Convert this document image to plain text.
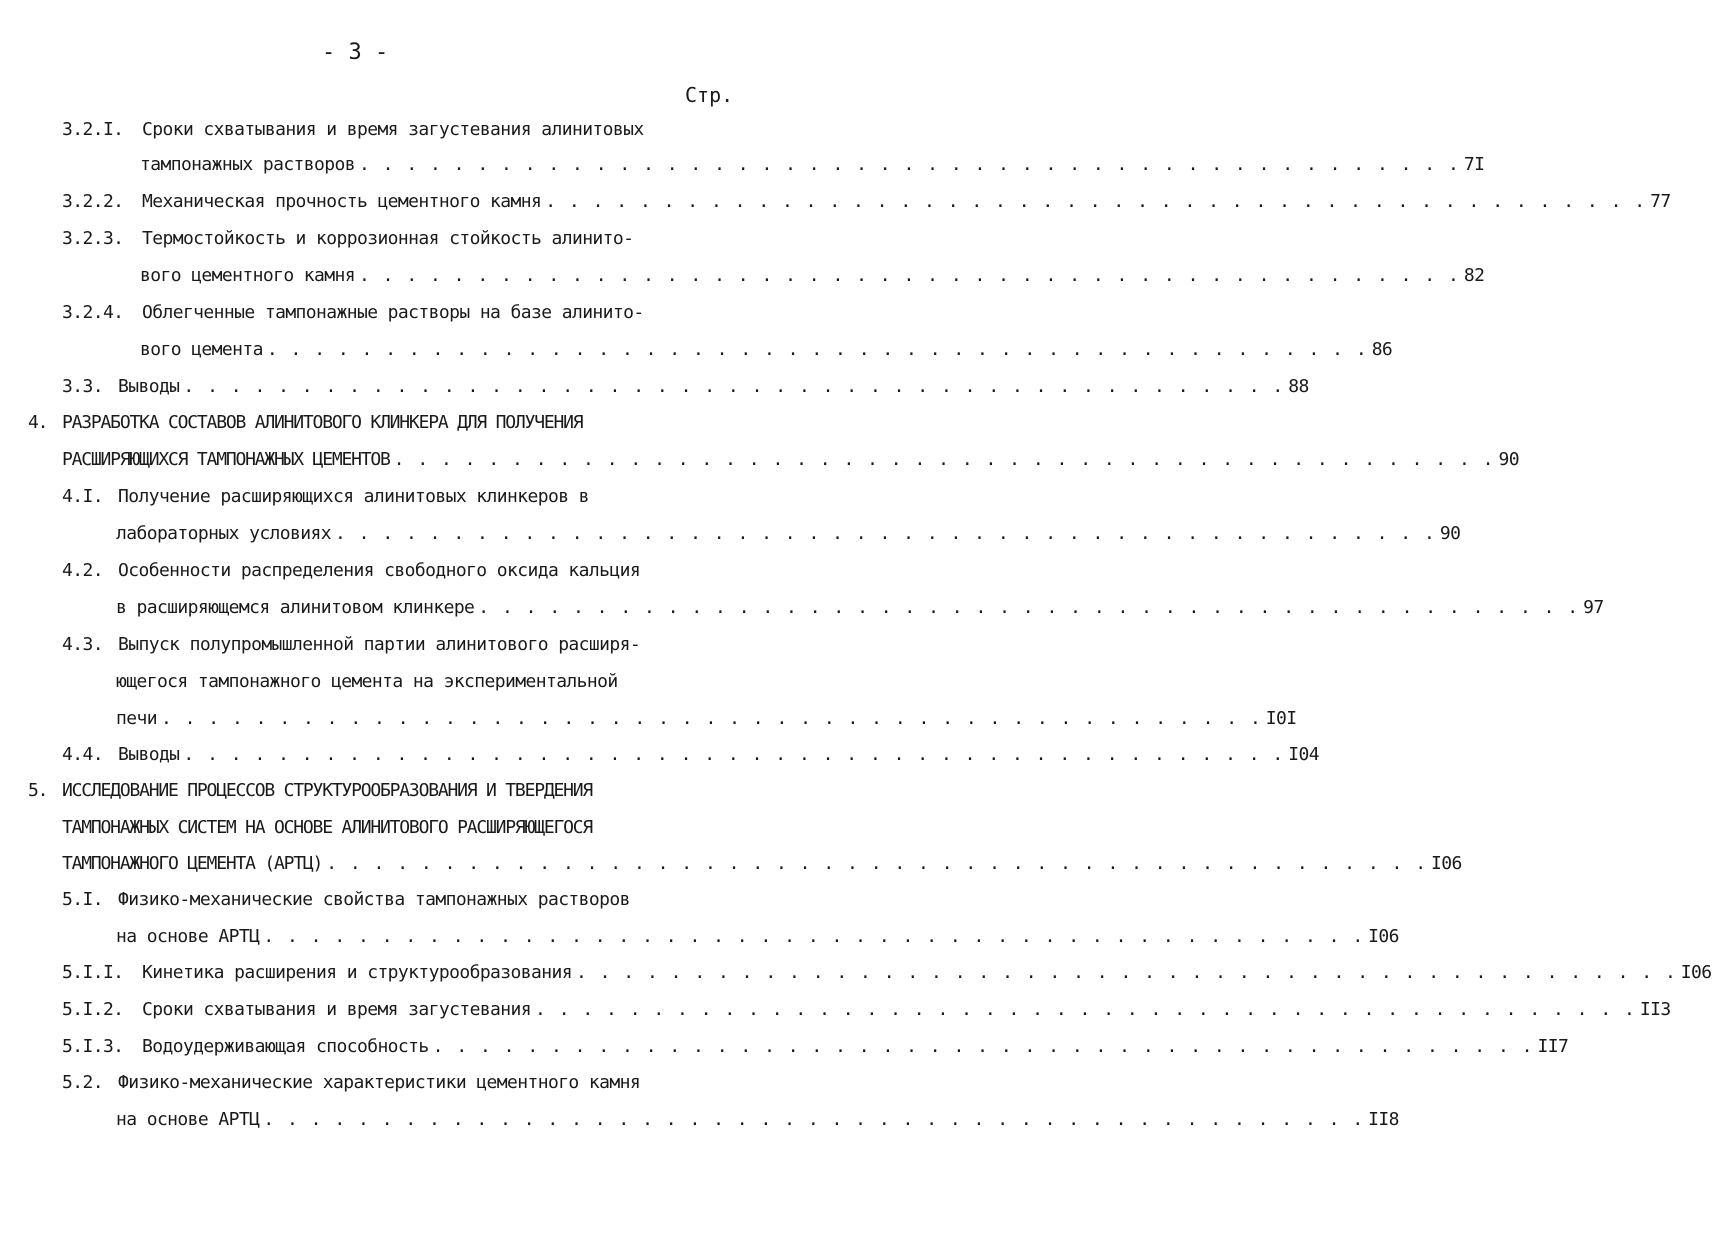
- 3 -
Стр.
3.2.I. Сроки схватывания и время загустевания алинитовых
тампонажных растворов . . . . . . . . . . . . . . . . . . . . . . . . . . . . . . . . . . . . . . . . . . . . . . . 7I
3.2.2. Механическая прочность цементного камня . . . . . . . . . . . . . . . . . . . . . . . . . . . . . . . . . . . . . . . . . . . . . . . 77
3.2.3. Термостойкость и коррозионная стойкость алинито-
вого цементного камня . . . . . . . . . . . . . . . . . . . . . . . . . . . . . . . . . . . . . . . . . . . . . . . 82
3.2.4. Облегченные тампонажные растворы на базе алинито-
вого цемента . . . . . . . . . . . . . . . . . . . . . . . . . . . . . . . . . . . . . . . . . . . . . . . 86
3.3. Выводы . . . . . . . . . . . . . . . . . . . . . . . . . . . . . . . . . . . . . . . . . . . . . . . 88
4. РАЗРАБОТКА СОСТАВОВ АЛИНИТОВОГО КЛИНКЕРА ДЛЯ ПОЛУЧЕНИЯ
РАСШИРЯЮЩИХСЯ ТАМПОНАЖНЫХ ЦЕМЕНТОВ . . . . . . . . . . . . . . . . . . . . . . . . . . . . . . . . . . . . . . . . . . . . . . . 90
4.I. Получение расширяющихся алинитовых клинкеров в
лабораторных условиях . . . . . . . . . . . . . . . . . . . . . . . . . . . . . . . . . . . . . . . . . . . . . . . 90
4.2. Особенности распределения свободного оксида кальция
в расширяющемся алинитовом клинкере . . . . . . . . . . . . . . . . . . . . . . . . . . . . . . . . . . . . . . . . . . . . . . . 97
4.3. Выпуск полупромышленной партии алинитового расширя-
ющегося тампонажного цемента на экспериментальной
печи . . . . . . . . . . . . . . . . . . . . . . . . . . . . . . . . . . . . . . . . . . . . . . . I0I
4.4. Выводы . . . . . . . . . . . . . . . . . . . . . . . . . . . . . . . . . . . . . . . . . . . . . . . I04
5. ИССЛЕДОВАНИЕ ПРОЦЕССОВ СТРУКТУРООБРАЗОВАНИЯ И ТВЕРДЕНИЯ
ТАМПОНАЖНЫХ СИСТЕМ НА ОСНОВЕ АЛИНИТОВОГО РАСШИРЯЮЩЕГОСЯ
ТАМПОНАЖНОГО ЦЕМЕНТА (АРТЦ) . . . . . . . . . . . . . . . . . . . . . . . . . . . . . . . . . . . . . . . . . . . . . . . I06
5.I. Физико-механические свойства тампонажных растворов
на основе АРТЦ . . . . . . . . . . . . . . . . . . . . . . . . . . . . . . . . . . . . . . . . . . . . . . . I06
5.I.I. Кинетика расширения и структурообразования . . . . . . . . . . . . . . . . . . . . . . . . . . . . . . . . . . . . . . . . . . . . . . . I06
5.I.2. Сроки схватывания и время загустевания . . . . . . . . . . . . . . . . . . . . . . . . . . . . . . . . . . . . . . . . . . . . . . . II3
5.I.3. Водоудерживающая способность . . . . . . . . . . . . . . . . . . . . . . . . . . . . . . . . . . . . . . . . . . . . . . . II7
5.2. Физико-механические характеристики цементного камня
на основе АРТЦ . . . . . . . . . . . . . . . . . . . . . . . . . . . . . . . . . . . . . . . . . . . . . . . II8
